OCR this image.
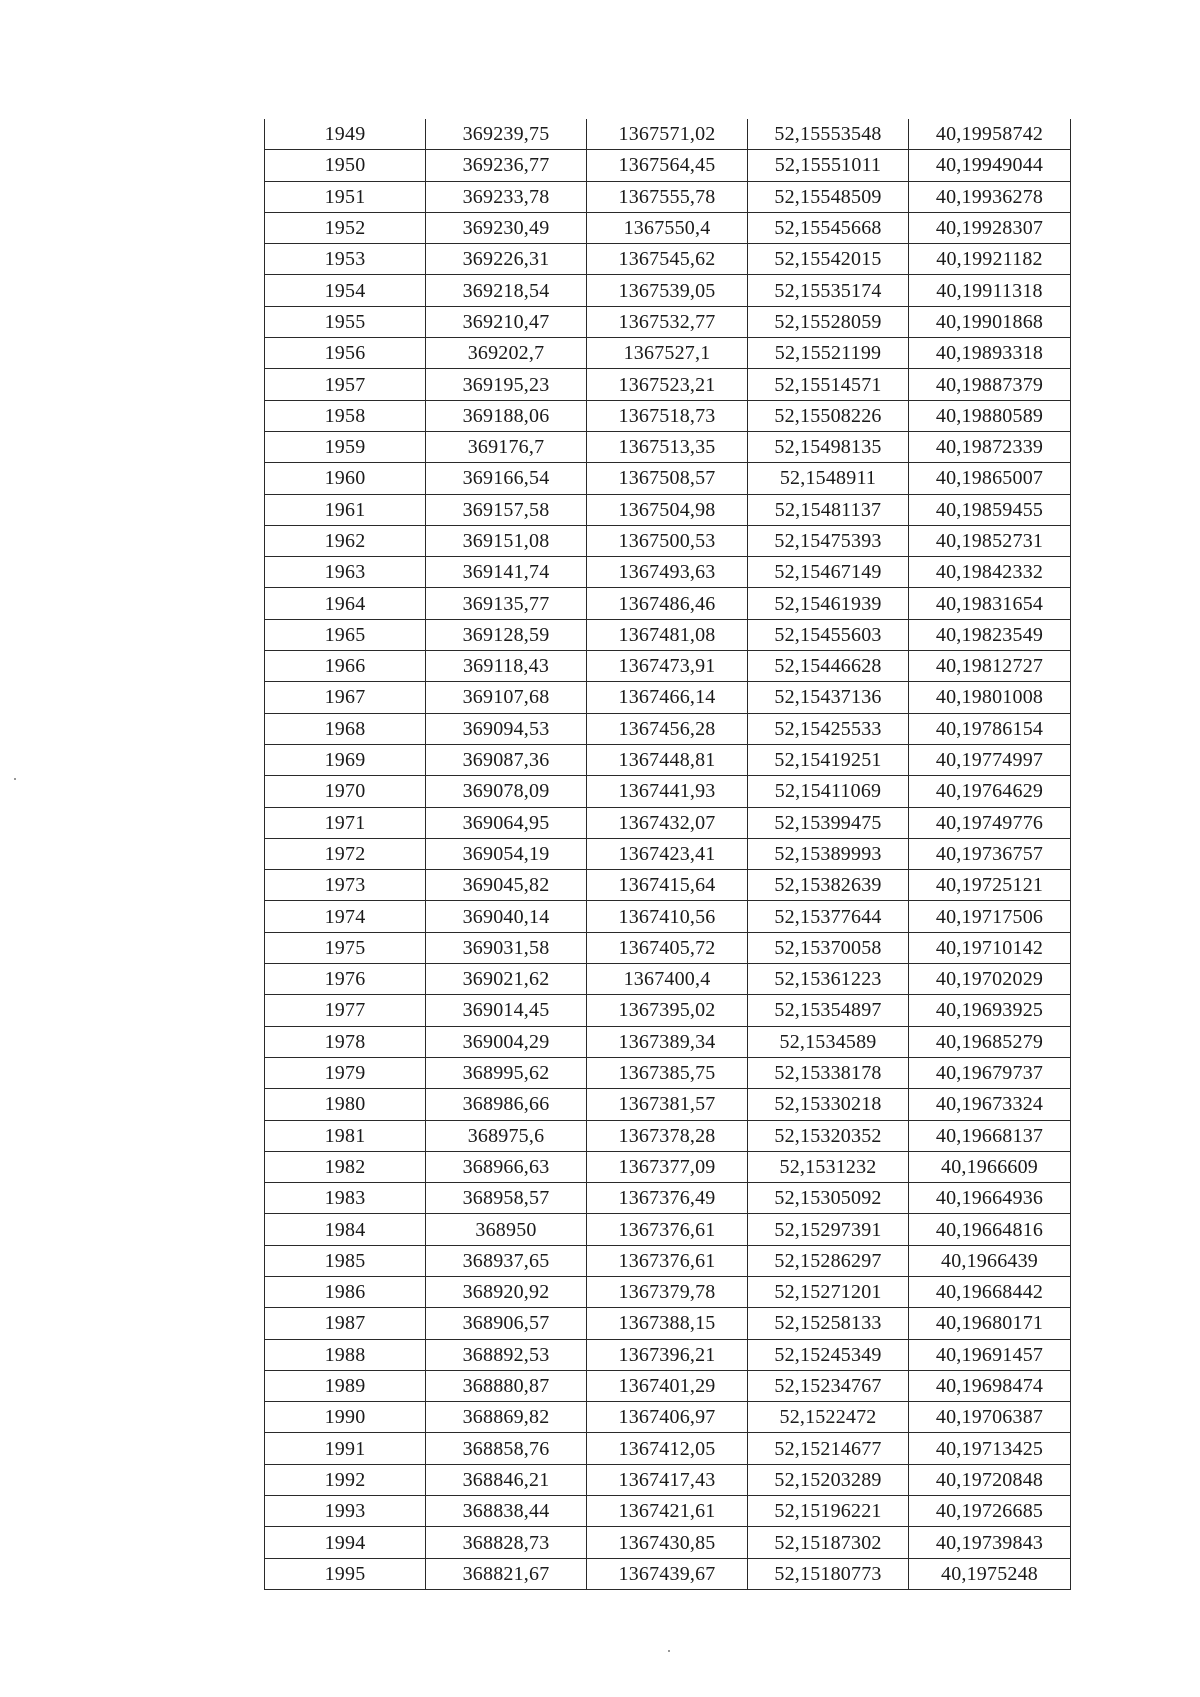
1949	369239,75	1367571,02	52,15553548	40,19958742
1950	369236,77	1367564,45	52,15551011	40,19949044
1951	369233,78	1367555,78	52,15548509	40,19936278
1952	369230,49	1367550,4	52,15545668	40,19928307
1953	369226,31	1367545,62	52,15542015	40,19921182
1954	369218,54	1367539,05	52,15535174	40,19911318
1955	369210,47	1367532,77	52,15528059	40,19901868
1956	369202,7	1367527,1	52,15521199	40,19893318
1957	369195,23	1367523,21	52,15514571	40,19887379
1958	369188,06	1367518,73	52,15508226	40,19880589
1959	369176,7	1367513,35	52,15498135	40,19872339
1960	369166,54	1367508,57	52,1548911	40,19865007
1961	369157,58	1367504,98	52,15481137	40,19859455
1962	369151,08	1367500,53	52,15475393	40,19852731
1963	369141,74	1367493,63	52,15467149	40,19842332
1964	369135,77	1367486,46	52,15461939	40,19831654
1965	369128,59	1367481,08	52,15455603	40,19823549
1966	369118,43	1367473,91	52,15446628	40,19812727
1967	369107,68	1367466,14	52,15437136	40,19801008
1968	369094,53	1367456,28	52,15425533	40,19786154
1969	369087,36	1367448,81	52,15419251	40,19774997
1970	369078,09	1367441,93	52,15411069	40,19764629
1971	369064,95	1367432,07	52,15399475	40,19749776
1972	369054,19	1367423,41	52,15389993	40,19736757
1973	369045,82	1367415,64	52,15382639	40,19725121
1974	369040,14	1367410,56	52,15377644	40,19717506
1975	369031,58	1367405,72	52,15370058	40,19710142
1976	369021,62	1367400,4	52,15361223	40,19702029
1977	369014,45	1367395,02	52,15354897	40,19693925
1978	369004,29	1367389,34	52,1534589	40,19685279
1979	368995,62	1367385,75	52,15338178	40,19679737
1980	368986,66	1367381,57	52,15330218	40,19673324
1981	368975,6	1367378,28	52,15320352	40,19668137
1982	368966,63	1367377,09	52,1531232	40,1966609
1983	368958,57	1367376,49	52,15305092	40,19664936
1984	368950	1367376,61	52,15297391	40,19664816
1985	368937,65	1367376,61	52,15286297	40,1966439
1986	368920,92	1367379,78	52,15271201	40,19668442
1987	368906,57	1367388,15	52,15258133	40,19680171
1988	368892,53	1367396,21	52,15245349	40,19691457
1989	368880,87	1367401,29	52,15234767	40,19698474
1990	368869,82	1367406,97	52,1522472	40,19706387
1991	368858,76	1367412,05	52,15214677	40,19713425
1992	368846,21	1367417,43	52,15203289	40,19720848
1993	368838,44	1367421,61	52,15196221	40,19726685
1994	368828,73	1367430,85	52,15187302	40,19739843
1995	368821,67	1367439,67	52,15180773	40,1975248
